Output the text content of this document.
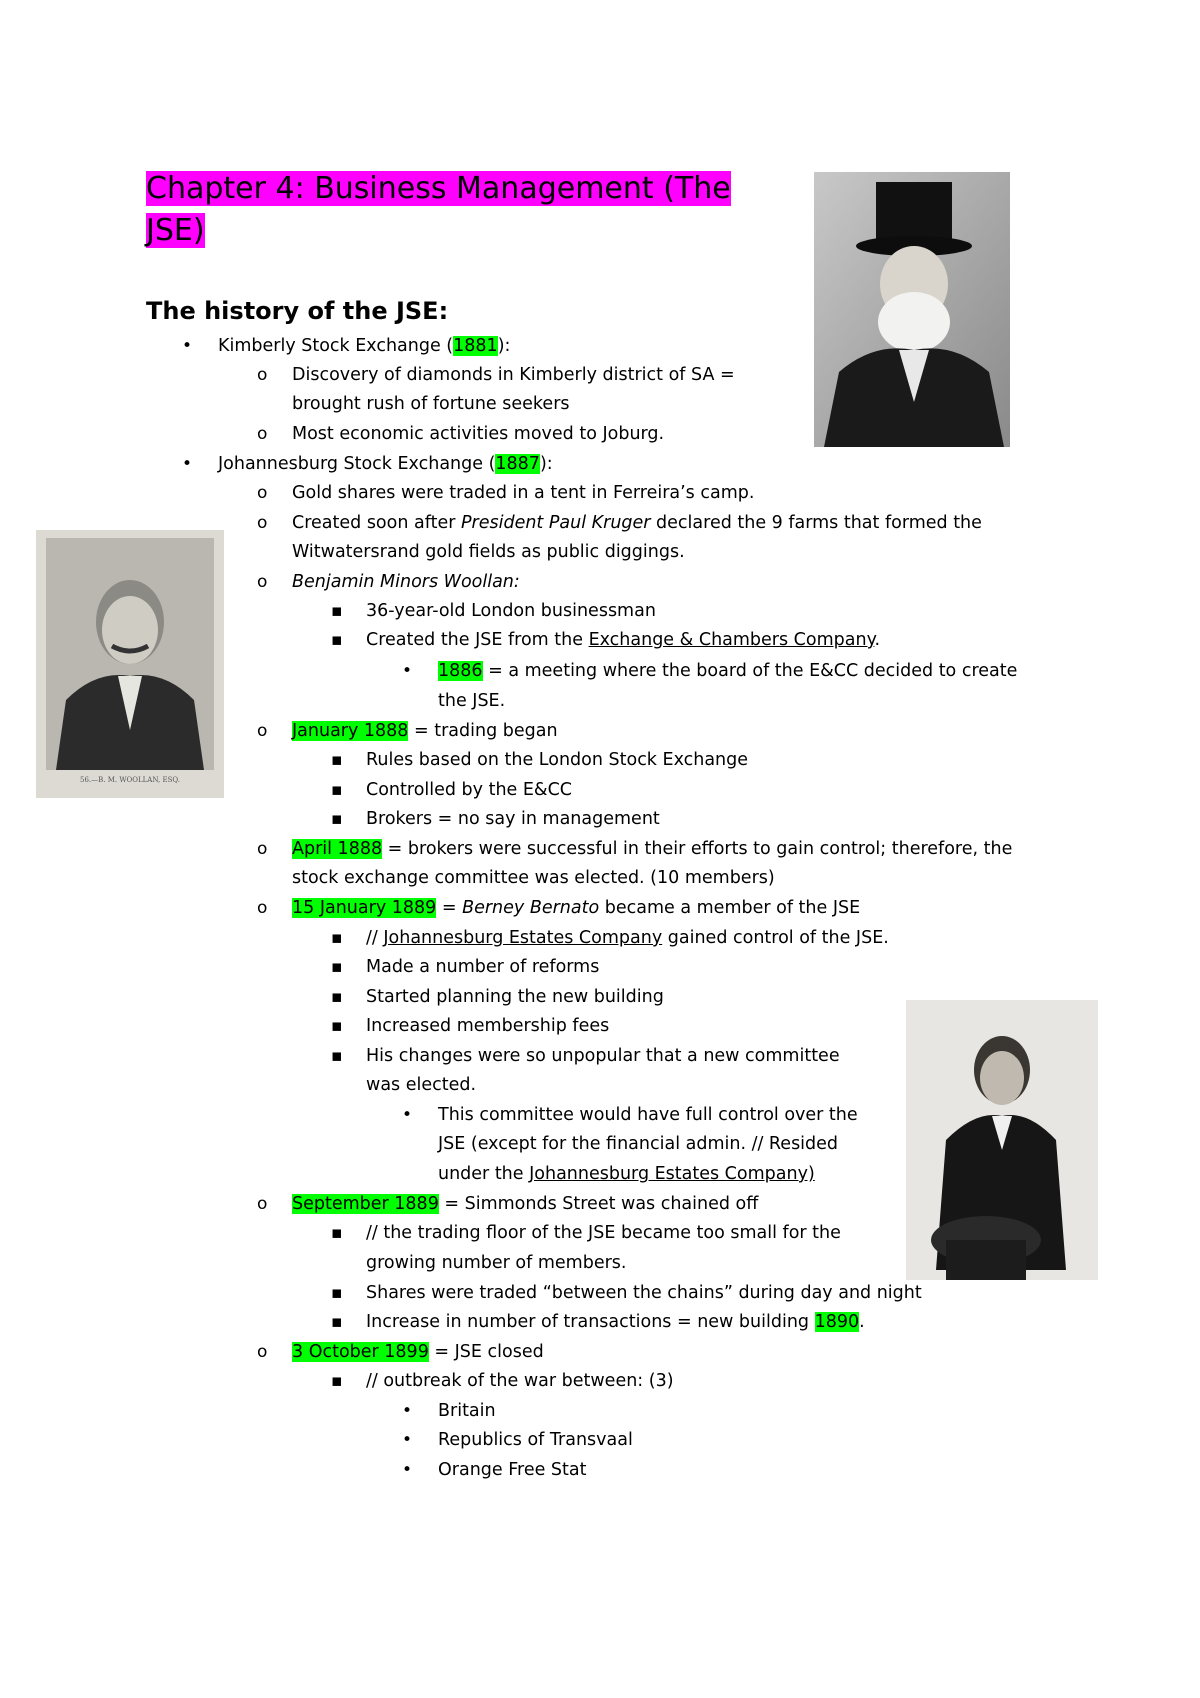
Chapter 4: Business Management (The JSE)
The history of the JSE:
56.—B. M. WOOLLAN, ESQ.
•
o
o
•
o
o
o
▪
▪
•
o
▪
▪
▪
o
o
▪
▪
▪
▪
▪
•
o
▪
▪
▪
o
▪
•
•
•
Kimberly Stock Exchange (1881):
Discovery of diamonds in Kimberly district of SA =
brought rush of fortune seekers
Most economic activities moved to Joburg.
Johannesburg Stock Exchange (1887):
Gold shares were traded in a tent in Ferreira’s camp.
Created soon after President Paul Kruger declared the 9 farms that formed the
Witwatersrand gold fields as public diggings.
Benjamin Minors Woollan:
36-year-old London businessman
Created the JSE from the Exchange & Chambers Company.
1886 = a meeting where the board of the E&CC decided to create
the JSE.
January 1888 = trading began
Rules based on the London Stock Exchange
Controlled by the E&CC
Brokers = no say in management
April 1888 = brokers were successful in their efforts to gain control; therefore, the
stock exchange committee was elected. (10 members)
15 January 1889 = Berney Bernato became a member of the JSE
// Johannesburg Estates Company gained control of the JSE.
Made a number of reforms
Started planning the new building
Increased membership fees
His changes were so unpopular that a new committee
was elected.
This committee would have full control over the
JSE (except for the financial admin. // Resided
under the Johannesburg Estates Company)
September 1889 = Simmonds Street was chained off
// the trading floor of the JSE became too small for the
growing number of members.
Shares were traded “between the chains” during day and night
Increase in number of transactions = new building 1890.
3 October 1899 = JSE closed
// outbreak of the war between: (3)
Britain
Republics of Transvaal
Orange Free Stat
